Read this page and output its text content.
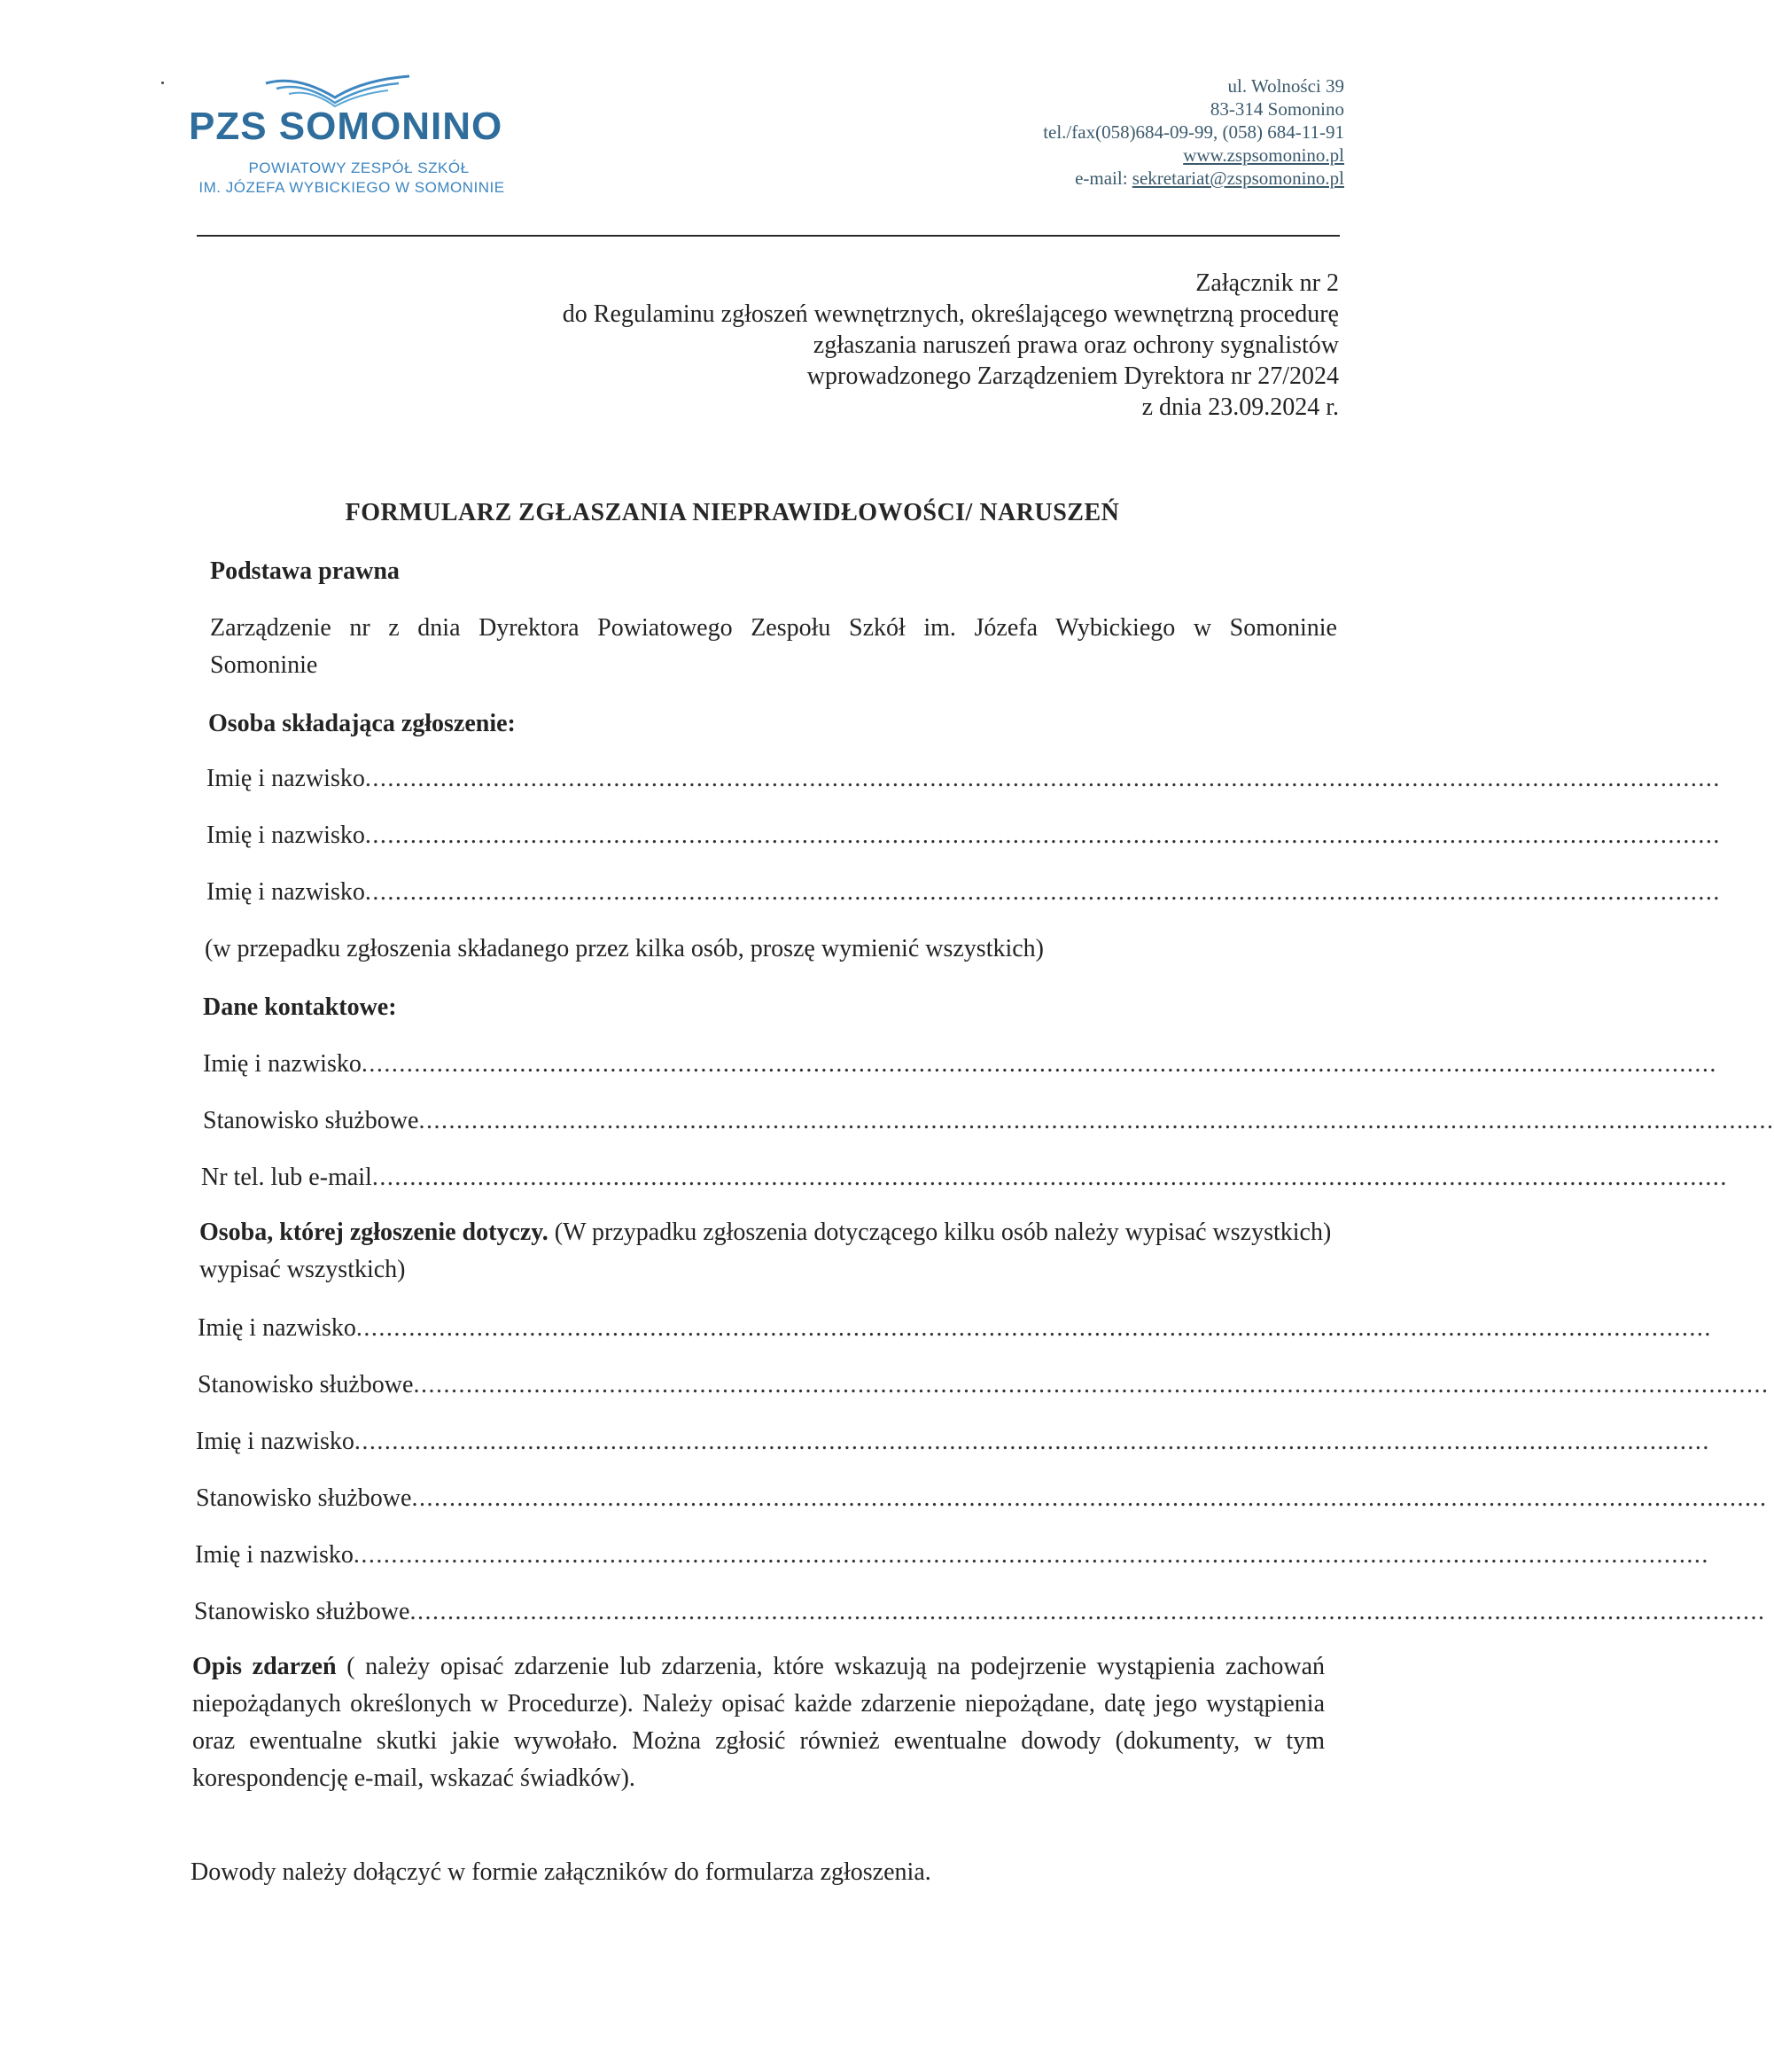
PZS SOMONINO
POWIATOWY ZESPÓŁ SZKÓŁ
IM. JÓZEFA WYBICKIEGO W SOMONINIE
ul. Wolności 39
83-314 Somonino
tel./fax(058)684-09-99, (058) 684-11-91
www.zspsomonino.pl
e-mail: sekretariat@zspsomonino.pl
Załącznik nr 2
do Regulaminu zgłoszeń wewnętrznych, określającego wewnętrzną procedurę
zgłaszania naruszeń prawa oraz ochrony sygnalistów
wprowadzonego Zarządzeniem Dyrektora nr 27/2024
z dnia 23.09.2024 r.
FORMULARZ ZGŁASZANIA NIEPRAWIDŁOWOŚCI/ NARUSZEŃ
Podstawa prawna
Zarządzenie nr z dnia Dyrektora Powiatowego Zespołu Szkół im. Józefa Wybickiego w Somoninie
Somoninie
Osoba składająca zgłoszenie:
Imię i nazwisko ....................................................................................................................................................................................
Imię i nazwisko ....................................................................................................................................................................................
Imię i nazwisko ....................................................................................................................................................................................
(w przepadku zgłoszenia składanego przez kilka osób, proszę wymienić wszystkich)
Dane kontaktowe:
Imię i nazwisko ....................................................................................................................................................................................
Stanowisko służbowe ....................................................................................................................................................................................
Nr tel. lub e-mail ....................................................................................................................................................................................
Osoba, której zgłoszenie dotyczy. (W przypadku zgłoszenia dotyczącego kilku osób należy wypisać wszystkich)
wypisać wszystkich)
Imię i nazwisko ....................................................................................................................................................................................
Stanowisko służbowe ....................................................................................................................................................................................
Imię i nazwisko ....................................................................................................................................................................................
Stanowisko służbowe ....................................................................................................................................................................................
Imię i nazwisko ....................................................................................................................................................................................
Stanowisko służbowe ....................................................................................................................................................................................
Opis zdarzeń ( należy opisać zdarzenie lub zdarzenia, które wskazują na podejrzenie wystąpienia zachowań niepożądanych określonych w Procedurze). Należy opisać każde zdarzenie niepożądane, datę jego wystąpienia oraz ewentualne skutki jakie wywołało. Można zgłosić również ewentualne dowody (dokumenty, w tym korespondencję e-mail, wskazać świadków).
Dowody należy dołączyć w formie załączników do formularza zgłoszenia.
